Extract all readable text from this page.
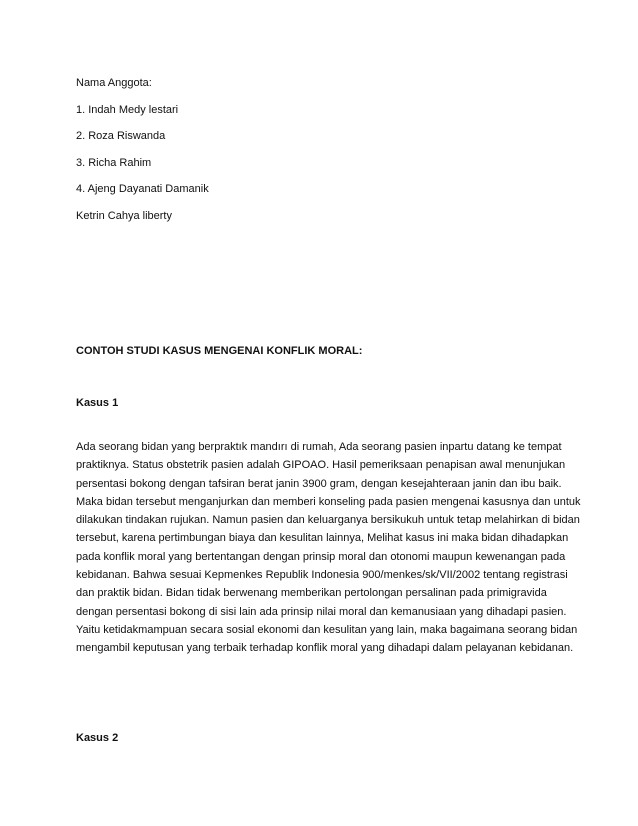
Nama Anggota:
1. Indah Medy lestari
2. Roza Riswanda
3. Richa Rahim
4. Ajeng Dayanati Damanik
Ketrin Cahya liberty
CONTOH STUDI KASUS MENGENAI KONFLIK MORAL:
Kasus 1
Ada seorang bidan yang berpraktık mandırı di rumah, Ada seorang pasien inpartu datang ke tempat
praktiknya. Status obstetrik pasien adalah GIPOAO. Hasil pemeriksaan penapisan awal menunjukan
persentasi bokong dengan tafsiran berat janin 3900 gram, dengan kesejahteraan janin dan ibu baik.
Maka bidan tersebut menganjurkan dan memberi konseling pada pasien mengenai kasusnya dan untuk
dilakukan tindakan rujukan. Namun pasien dan keluarganya bersikukuh untuk tetap melahirkan di bidan
tersebut, karena pertimbungan biaya dan kesulitan lainnya, Melihat kasus ini maka bidan dihadapkan
pada konflik moral yang bertentangan dengan prinsip moral dan otonomi maupun kewenangan pada
kebidanan. Bahwa sesuai Kepmenkes Republik Indonesia 900/menkes/sk/VII/2002 tentang registrasi
dan praktik bidan. Bidan tidak berwenang memberikan pertolongan persalinan pada primigravida
dengan persentasi bokong di sisi lain ada prinsip nilai moral dan kemanusiaan yang dihadapi pasien.
Yaitu ketidakmampuan secara sosial ekonomi dan kesulitan yang lain, maka bagaimana seorang bidan
mengambil keputusan yang terbaik terhadap konflik moral yang dihadapi dalam pelayanan kebidanan.
Kasus 2
